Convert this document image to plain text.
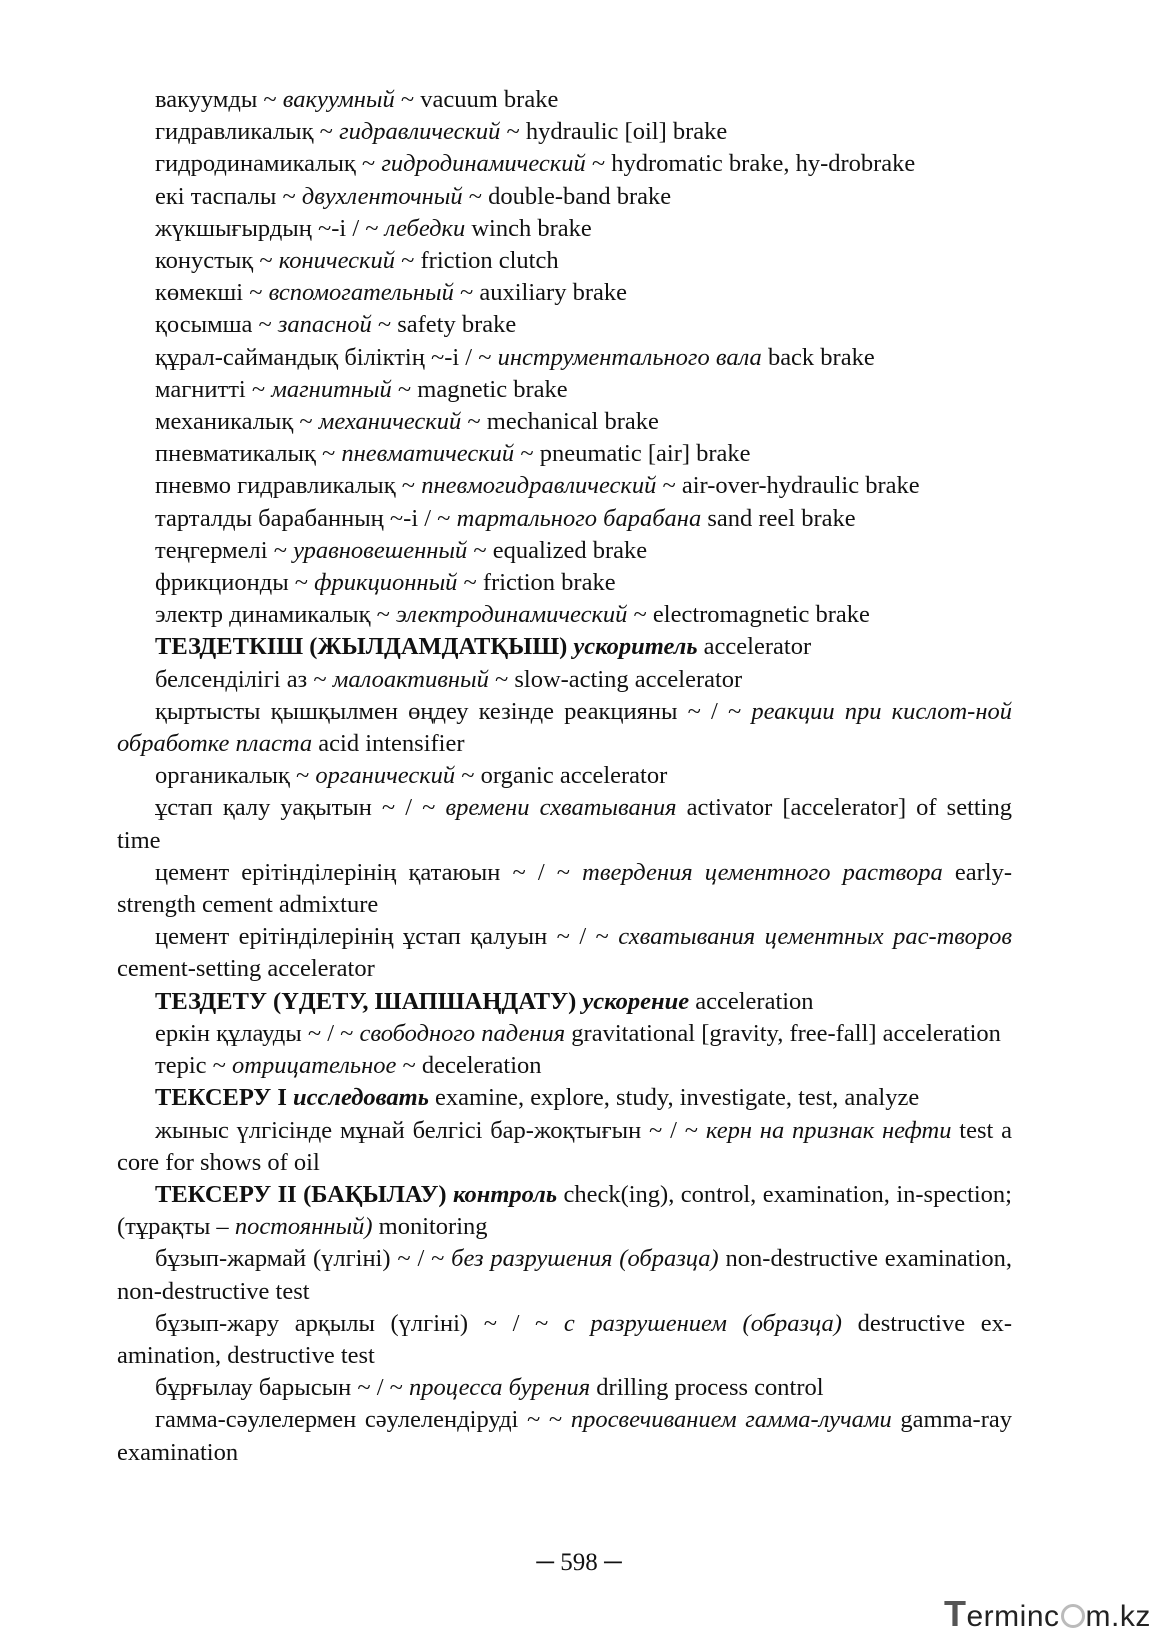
вакуумды ~ вакуумный ~ vacuum brake

гидравликалық ~ гидравлический ~ hydraulic [oil] brake

гидродинамикалық ~ гидродинамический ~ hydromatic brake, hy-drobrake

екі таспалы ~ двухленточный ~ double-band brake

жүкшығырдың ~-і / ~ лебедки winch brake

конустық ~ конический ~ friction clutch

көмекші ~ вспомогательный ~ auxiliary brake

қосымша ~ запасной ~ safety brake

құрал-саймандық біліктің ~-і / ~ инструментального вала back brake

магнитті ~ магнитный ~ magnetic brake

механикалық ~ механический ~ mechanical brake

пневматикалық ~ пневматический ~ pneumatic [air] brake

пневмо гидравликалық ~ пневмогидравлический ~ air-over-hydraulic brake

тарталды барабанның ~-і / ~ тартального барабана sand reel brake

теңгермелі ~ уравновешенный ~ equalized brake

фрикционды ~ фрикционный ~ friction brake

электр динамикалық ~ электродинамический ~ electromagnetic brake

ТЕЗДЕТКІШ (ЖЫЛДАМДАТҚЫШ) ускоритель accelerator

белсенділігі аз ~ малоактивный ~ slow-acting accelerator

қыртысты қышқылмен өңдеу кезінде реакцияны ~ / ~ реакции при кислот-ной обработке пласта acid intensifier

органикалық ~ органический ~ organic accelerator

ұстап қалу уақытын ~ / ~ времени схватывания activator [accelerator] of setting time

цемент ерітінділерінің қатаюын ~ / ~ твердения цементного раствора early-strength cement admixture

цемент ерітінділерінің ұстап қалуын ~ / ~ схватывания цементных рас-творов cement-setting accelerator

ТЕЗДЕТУ (ҮДЕТУ, ШАПШАҢДАТУ) ускорение acceleration

еркін құлауды ~ / ~ свободного падения gravitational [gravity, free-fall] acceleration

теріс ~ отрицательное ~ deceleration

ТЕКСЕРУ І исследовать examine, explore, study, investigate, test, analyze

жыныс үлгісінде мұнай белгісі бар-жоқтығын ~ / ~ керн на признак нефти test a core for shows of oil

ТЕКСЕРУ ІІ (БАҚЫЛАУ) контроль check(ing), control, examination, in-spection; (тұрақты – постоянный) monitoring

бұзып-жармай (үлгіні) ~ / ~ без разрушения (образца) non-destructive examination, non-destructive test

бұзып-жару арқылы (үлгіні) ~ / ~ с разрушением (образца) destructive ex-amination, destructive test

бұрғылау барысын ~ / ~ процесса бурения drilling process control

гамма-сәулелермен сәулелендіруді ~ ~ просвечиванием гамма-лучами gamma-ray examination

─ 598 ─
Terminc m.kz
